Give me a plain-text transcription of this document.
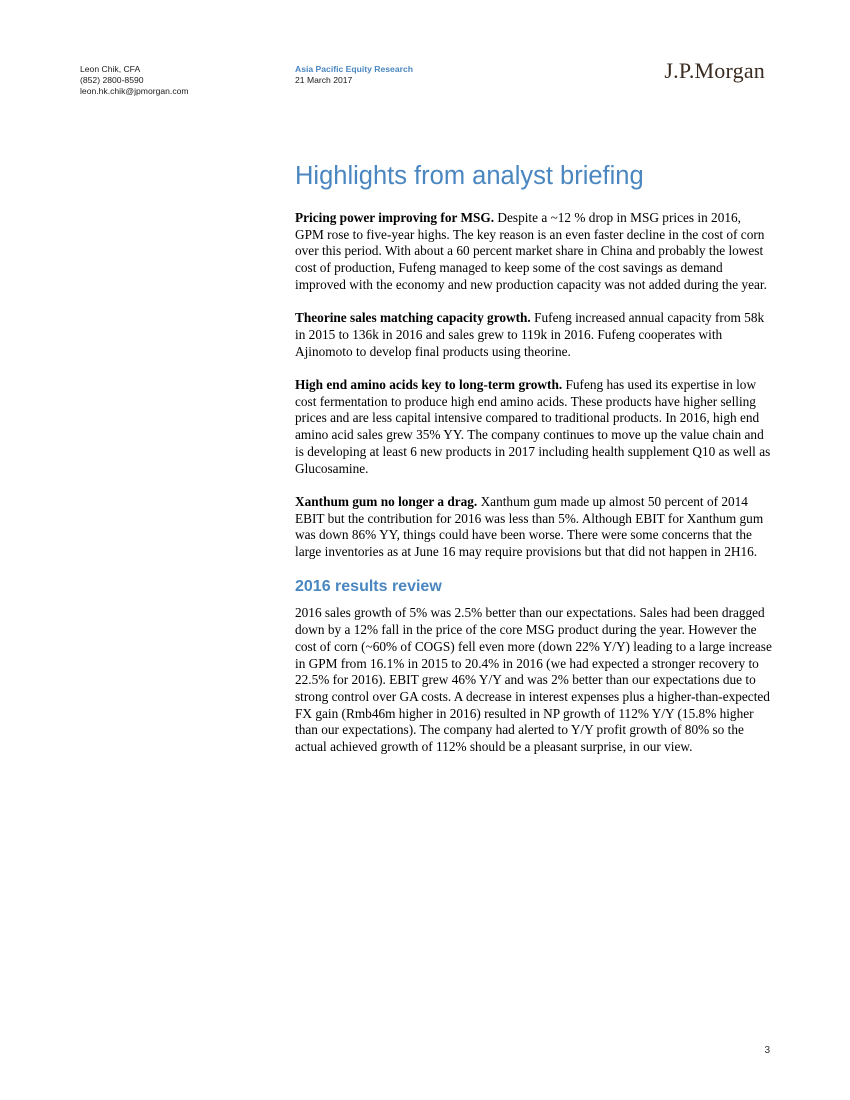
Leon Chik, CFA
(852) 2800-8590
leon.hk.chik@jpmorgan.com
Asia Pacific Equity Research
21 March 2017	J.P.Morgan
Highlights from analyst briefing

Pricing power improving for MSG. Despite a ~12 % drop in MSG prices in 2016, GPM rose to five-year highs. The key reason is an even faster decline in the cost of corn over this period. With about a 60 percent market share in China and probably the lowest cost of production, Fufeng managed to keep some of the cost savings as demand improved with the economy and new production capacity was not added during the year.

Theorine sales matching capacity growth. Fufeng increased annual capacity from 58k in 2015 to 136k in 2016 and sales grew to 119k in 2016. Fufeng cooperates with Ajinomoto to develop final products using theorine.

High end amino acids key to long-term growth. Fufeng has used its expertise in low cost fermentation to produce high end amino acids. These products have higher selling prices and are less capital intensive compared to traditional products. In 2016, high end amino acid sales grew 35% YY. The company continues to move up the value chain and is developing at least 6 new products in 2017 including health supplement Q10 as well as Glucosamine.

Xanthum gum no longer a drag. Xanthum gum made up almost 50 percent of 2014 EBIT but the contribution for 2016 was less than 5%. Although EBIT for Xanthum gum was down 86% YY, things could have been worse. There were some concerns that the large inventories as at June 16 may require provisions but that did not happen in 2H16.

2016 results review

2016 sales growth of 5% was 2.5% better than our expectations. Sales had been dragged down by a 12% fall in the price of the core MSG product during the year. However the cost of corn (~60% of COGS) fell even more (down 22% Y/Y) leading to a large increase in GPM from 16.1% in 2015 to 20.4% in 2016 (we had expected a stronger recovery to 22.5% for 2016). EBIT grew 46% Y/Y and was 2% better than our expectations due to strong control over GA costs. A decrease in interest expenses plus a higher-than-expected FX gain (Rmb46m higher in 2016) resulted in NP growth of 112% Y/Y (15.8% higher than our expectations). The company had alerted to Y/Y profit growth of 80% so the actual achieved growth of 112% should be a pleasant surprise, in our view.

3
